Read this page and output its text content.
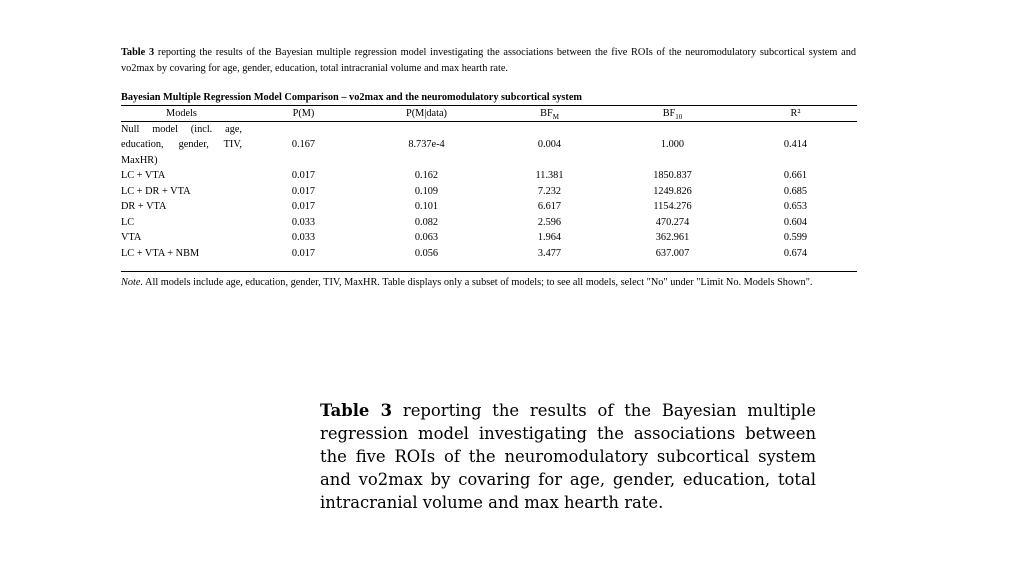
Table 3 reporting the results of the Bayesian multiple regression model investigating the associations between the five ROIs of the neuromodulatory subcortical system and vo2max by covaring for age, gender, education, total intracranial volume and max hearth rate.
Bayesian Multiple Regression Model Comparison – vo2max and the neuromodulatory subcortical system
Models	P(M)	P(M|data)	$BF_M$	$BF_{10}$	R²

Null model (incl. age, education, gender, TIV, MaxHR)	0.167	8.737e-4	0.004	1.000	0.414
LC + VTA	0.017	0.162	11.381	1850.837	0.661
LC + DR + VTA	0.017	0.109	7.232	1249.826	0.685
DR + VTA	0.017	0.101	6.617	1154.276	0.653
LC	0.033	0.082	2.596	470.274	0.604
VTA	0.033	0.063	1.964	362.961	0.599
LC + VTA + NBM	0.017	0.056	3.477	637.007	0.674
Note. All models include age, education, gender, TIV, MaxHR. Table displays only a subset of models; to see all models, select "No" under "Limit No. Models Shown".
Table 3 reporting the results of the Bayesian multiple regression model investigating the associations between the five ROIs of the neuromodulatory subcortical system and vo2max by covaring for age, gender, education, total intracranial volume and max hearth rate.
